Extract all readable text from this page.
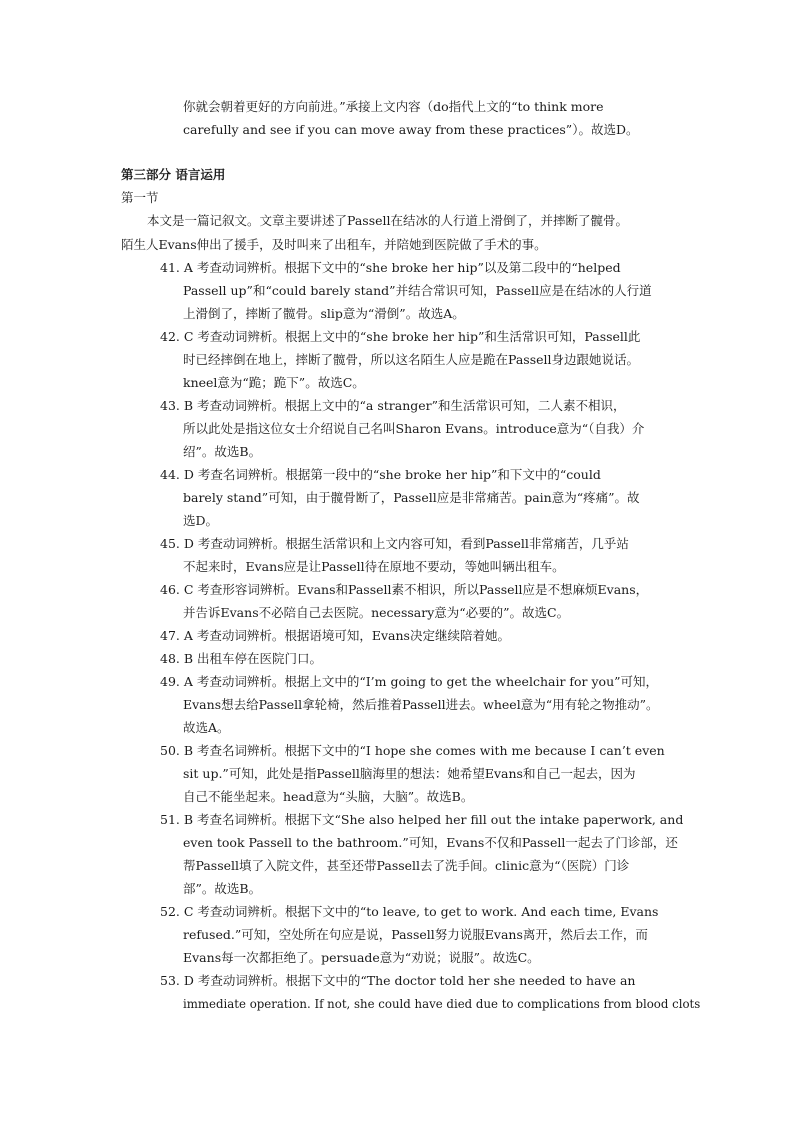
你就会朝着更好的方向前进。”承接上文内容（do指代上文的“to think more
carefully and see if you can move away from these practices”）。故选D。
第三部分 语言运用
第一节
本文是一篇记叙文。文章主要讲述了Passell在结冰的人行道上滑倒了，并摔断了髋骨。
陌生人Evans伸出了援手，及时叫来了出租车，并陪她到医院做了手术的事。
41. A 考查动词辨析。根据下文中的“she broke her hip”以及第二段中的“helped
Passell up”和“could barely stand”并结合常识可知，Passell应是在结冰的人行道
上滑倒了，摔断了髋骨。slip意为“滑倒”。故选A。
42. C 考查动词辨析。根据上文中的“she broke her hip”和生活常识可知，Passell此
时已经摔倒在地上，摔断了髋骨，所以这名陌生人应是跪在Passell身边跟她说话。
kneel意为“跪；跪下”。故选C。
43. B 考查动词辨析。根据上文中的“a stranger”和生活常识可知，二人素不相识，
所以此处是指这位女士介绍说自己名叫Sharon Evans。introduce意为“（自我）介
绍”。故选B。
44. D 考查名词辨析。根据第一段中的“she broke her hip”和下文中的“could
barely stand”可知，由于髋骨断了，Passell应是非常痛苦。pain意为“疼痛”。故
选D。
45. D 考查动词辨析。根据生活常识和上文内容可知，看到Passell非常痛苦，几乎站
不起来时，Evans应是让Passell待在原地不要动，等她叫辆出租车。
46. C 考查形容词辨析。Evans和Passell素不相识，所以Passell应是不想麻烦Evans，
并告诉Evans不必陪自己去医院。necessary意为“必要的”。故选C。
47. A 考查动词辨析。根据语境可知，Evans决定继续陪着她。
48. B 出租车停在医院门口。
49. A 考查动词辨析。根据上文中的“I’m going to get the wheelchair for you”可知，
Evans想去给Passell拿轮椅，然后推着Passell进去。wheel意为“用有轮之物推动”。
故选A。
50. B 考查名词辨析。根据下文中的“I hope she comes with me because I can’t even
sit up.”可知，此处是指Passell脑海里的想法：她希望Evans和自己一起去，因为
自己不能坐起来。head意为“头脑，大脑”。故选B。
51. B 考查名词辨析。根据下文“She also helped her fill out the intake paperwork, and
even took Passell to the bathroom.”可知，Evans不仅和Passell一起去了门诊部，还
帮Passell填了入院文件，甚至还带Passell去了洗手间。clinic意为“（医院）门诊
部”。故选B。
52. C 考查动词辨析。根据下文中的“to leave, to get to work. And each time, Evans
refused.”可知，空处所在句应是说，Passell努力说服Evans离开，然后去工作，而
Evans每一次都拒绝了。persuade意为“劝说；说服”。故选C。
53. D 考查动词辨析。根据下文中的“The doctor told her she needed to have an
immediate operation. If not, she could have died due to complications from blood clots
